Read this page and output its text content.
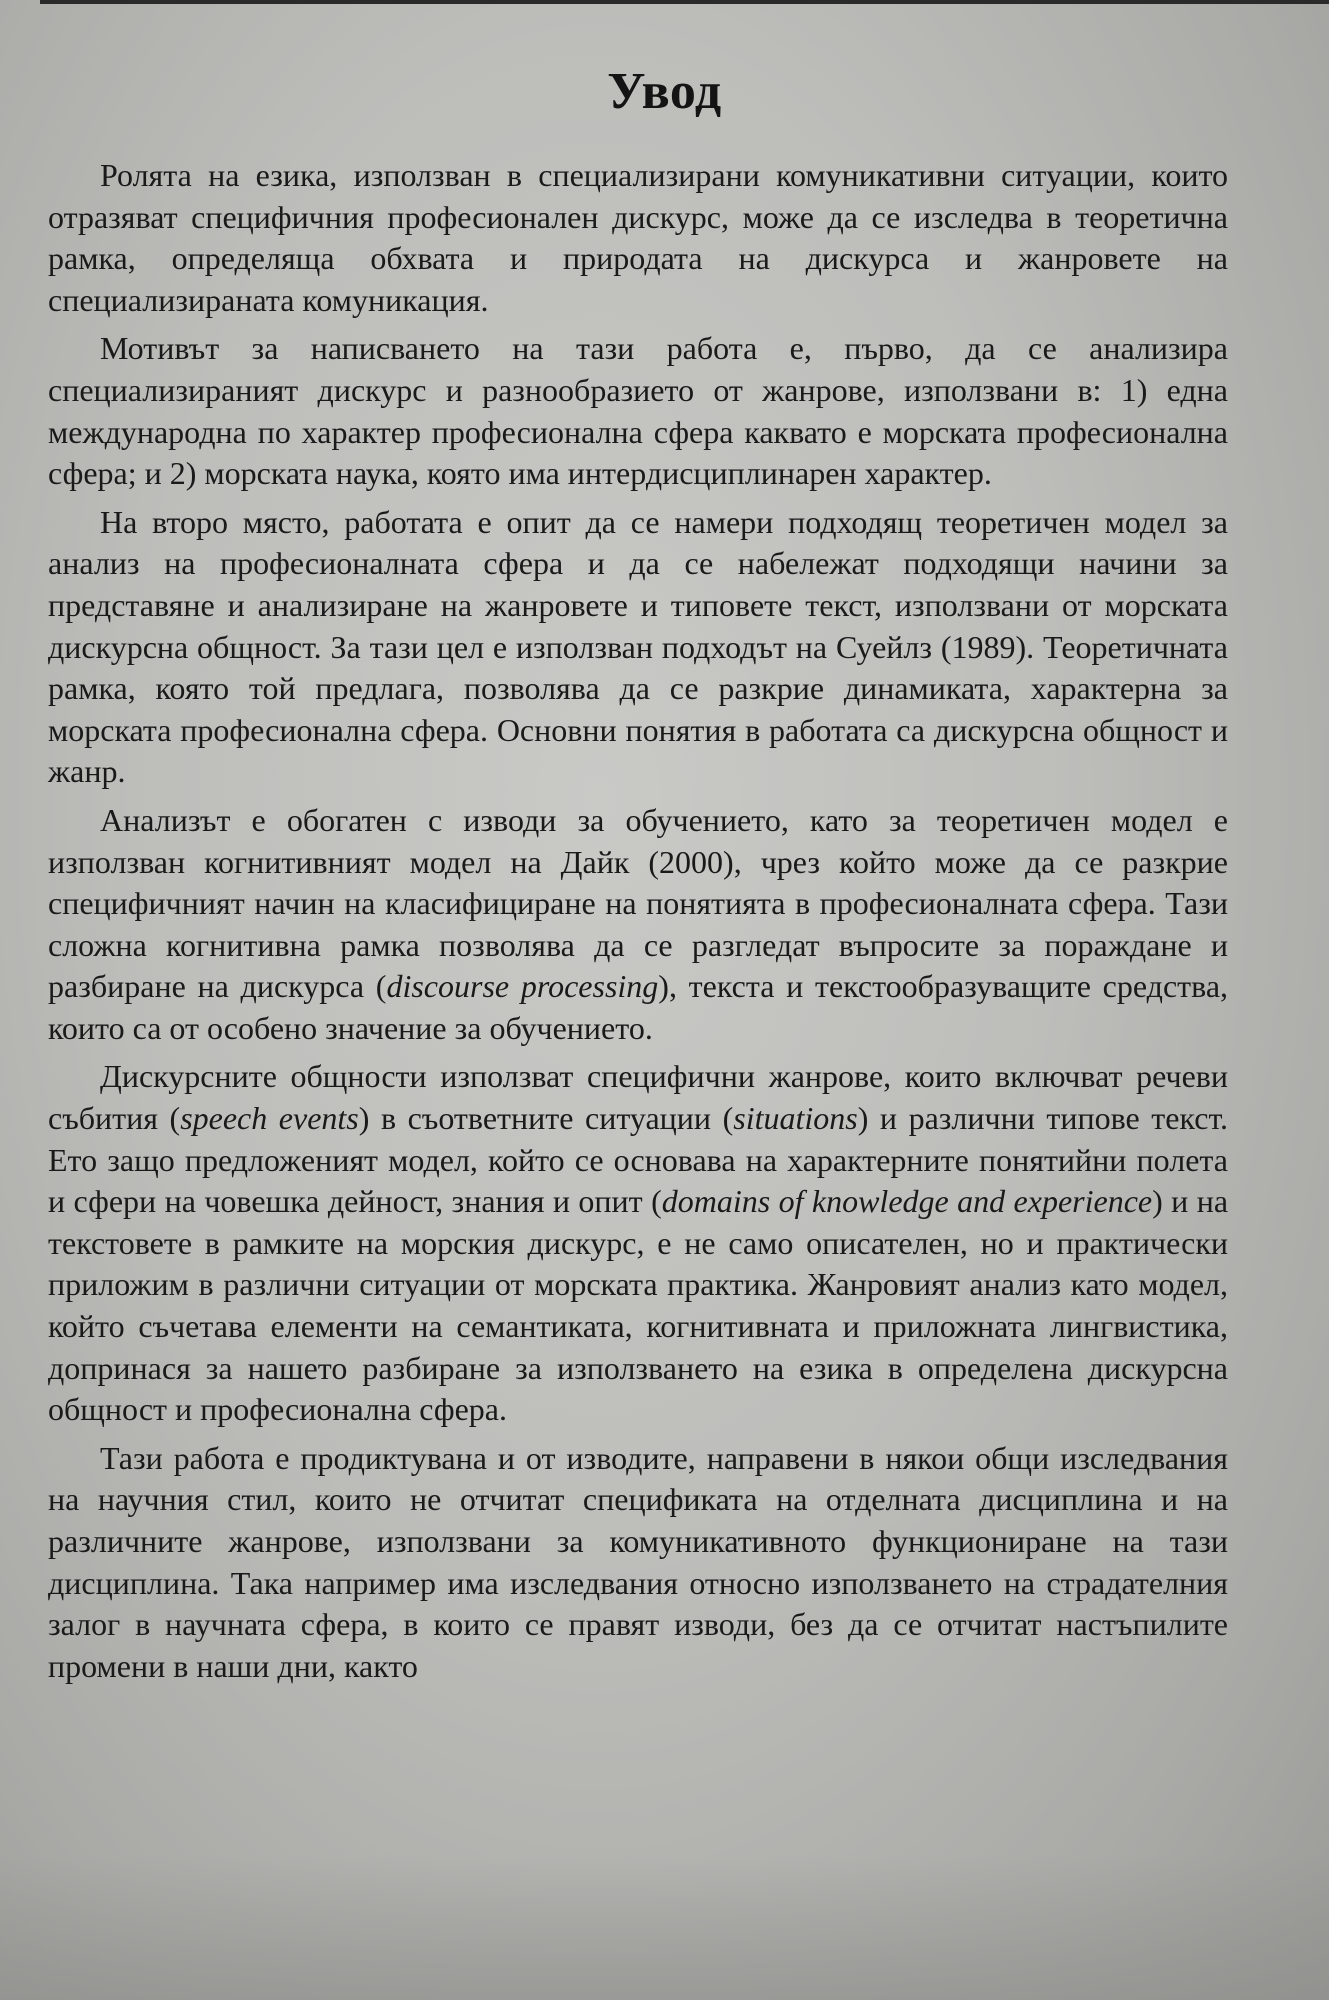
Увод

Ролята на езика, използван в специализирани комуникативни ситуации, които отразяват специфичния професионален дискурс, може да се изследва в теоретична рамка, определяща обхвата и природата на дискурса и жанровете на специализираната комуникация.

Мотивът за написването на тази работа е, първо, да се анализира специализираният дискурс и разнообразието от жанрове, използвани в: 1) една международна по характер професионална сфера каквато е морската професионална сфера; и 2) морската наука, която има интердисциплинарен характер.

На второ място, работата е опит да се намери подходящ теоретичен модел за анализ на професионалната сфера и да се набележат подходящи начини за представяне и анализиране на жанровете и типовете текст, използвани от морската дискурсна общност. За тази цел е използван подходът на Суейлз (1989). Теоретичната рамка, която той предлага, позволява да се разкрие динамиката, характерна за морската професионална сфера. Основни понятия в работата са дискурсна общност и жанр.

Анализът е обогатен с изводи за обучението, като за теоретичен модел е използван когнитивният модел на Дайк (2000), чрез който може да се разкрие специфичният начин на класифициране на понятията в професионалната сфера. Тази сложна когнитивна рамка позволява да се разгледат въпросите за пораждане и разбиране на дискурса (discourse processing), текста и текстообразуващите средства, които са от особено значение за обучението.

Дискурсните общности използват специфични жанрове, които включват речеви събития (speech events) в съответните ситуации (situations) и различни типове текст. Ето защо предложеният модел, който се основава на характерните понятийни полета и сфери на човешка дейност, знания и опит (domains of knowledge and experience) и на текстовете в рамките на морския дискурс, е не само описателен, но и практически приложим в различни ситуации от морската практика. Жанровият анализ като модел, който съчетава елементи на семантиката, когнитивната и приложната лингвистика, допринася за нашето разбиране за използването на езика в определена дискурсна общност и професионална сфера.

Тази работа е продиктувана и от изводите, направени в някои общи изследвания на научния стил, които не отчитат спецификата на отделната дисциплина и на различните жанрове, използвани за комуникативното функциониране на тази дисциплина. Така например има изследвания относно използването на страдателния залог в научната сфера, в които се правят изводи, без да се отчитат настъпилите промени в наши дни, както
